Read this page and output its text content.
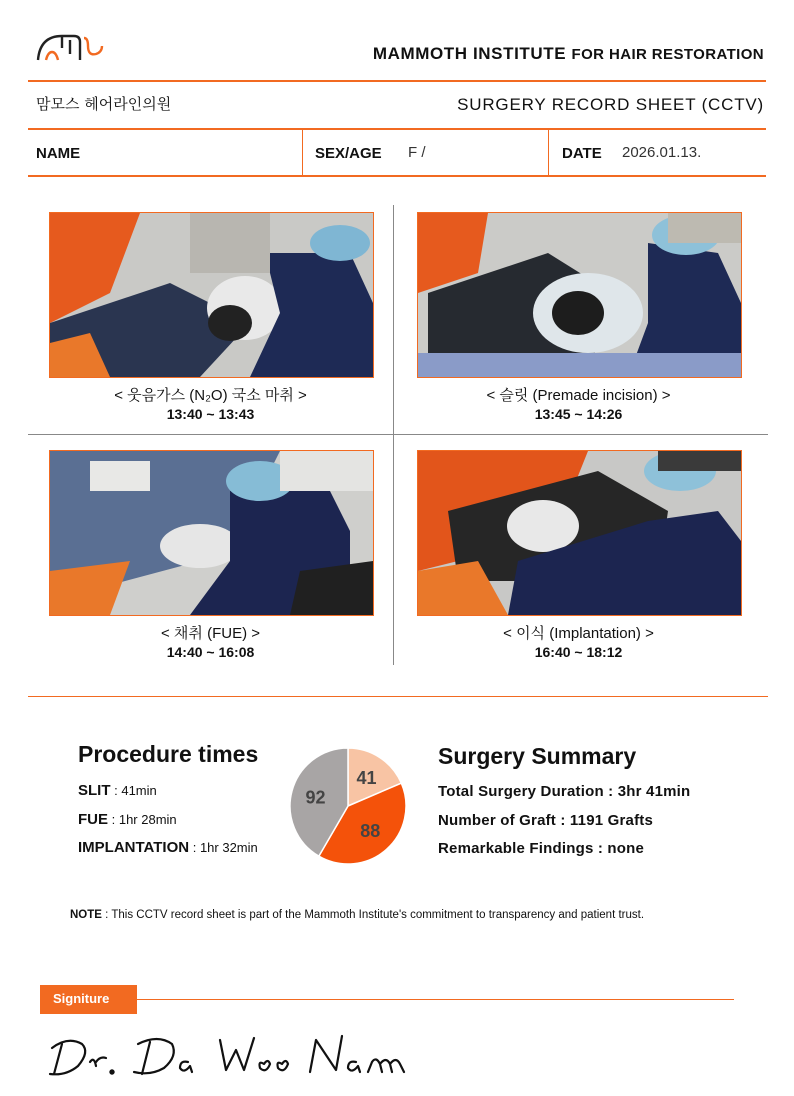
MAMMOTH INSTITUTE FOR HAIR RESTORATION
맘모스 헤어라인의원	SURGERY RECORD SHEET (CCTV)
NAME	SEX/AGE F /	DATE 2026.01.13.
< 웃음가스 (N₂O) 국소 마취 >
13:40 ~ 13:43
< 슬릿 (Premade incision) >
13:45 ~ 14:26
< 채취 (FUE) >
14:40 ~ 16:08
< 이식 (Implantation) >
16:40 ~ 18:12
Procedure times
SLIT : 41min
FUE : 1hr 28min
IMPLANTATION : 1hr 32min
41
88
92
Surgery Summary
Total Surgery Duration : 3hr 41min
Number of Graft : 1191 Grafts
Remarkable Findings : none
NOTE : This CCTV record sheet is part of the Mammoth Institute's commitment to transparency and patient trust.
Signiture
